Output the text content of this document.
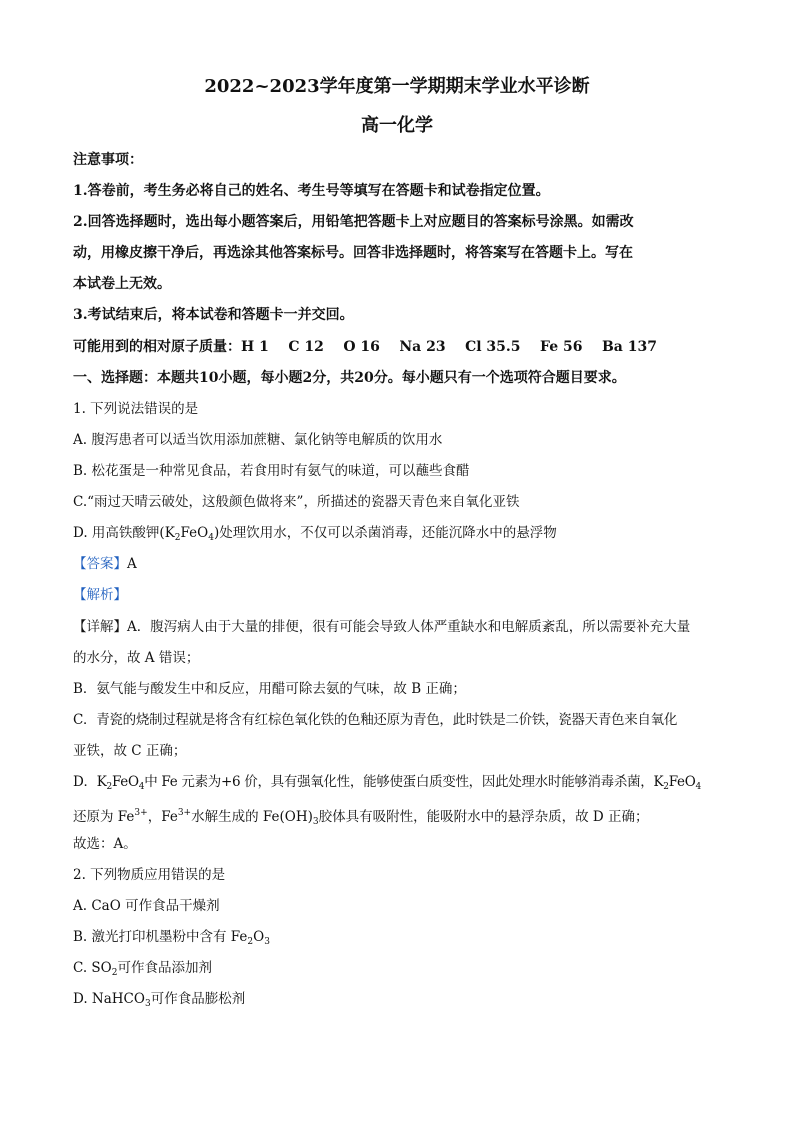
2022~2023学年度第一学期期末学业水平诊断
高一化学
注意事项：
1.答卷前，考生务必将自己的姓名、考生号等填写在答题卡和试卷指定位置。
2.回答选择题时，选出每小题答案后，用铅笔把答题卡上对应题目的答案标号涂黑。如需改
动，用橡皮擦干净后，再选涂其他答案标号。回答非选择题时，将答案写在答题卡上。写在
本试卷上无效。
3.考试结束后，将本试卷和答题卡一并交回。
可能用到的相对原子质量：H 1    C 12    O 16    Na 23    Cl 35.5    Fe 56    Ba 137
一、选择题：本题共10小题，每小题2分，共20分。每小题只有一个选项符合题目要求。
1. 下列说法错误的是
A. 腹泻患者可以适当饮用添加蔗糖、氯化钠等电解质的饮用水
B. 松花蛋是一种常见食品，若食用时有氨气的味道，可以蘸些食醋
C.“雨过天晴云破处，这般颜色做将来”，所描述的瓷器天青色来自氧化亚铁
D. 用高铁酸钾$(K_2FeO_4)$处理饮用水，不仅可以杀菌消毒，还能沉降水中的悬浮物
【答案】A
【解析】
【详解】A．腹泻病人由于大量的排便，很有可能会导致人体严重缺水和电解质紊乱，所以需要补充大量
的水分，故 A 错误；
B．氨气能与酸发生中和反应，用醋可除去氨的气味，故 B 正确；
C．青瓷的烧制过程就是将含有红棕色氧化铁的色釉还原为青色，此时铁是二价铁，瓷器天青色来自氧化
亚铁，故 C 正确；
D．$K_2FeO_4$中 Fe 元素为+6 价，具有强氧化性，能够使蛋白质变性，因此处理水时能够消毒杀菌，$K_2FeO_4$
还原为 $Fe^{3+}$，$Fe^{3+}$水解生成的 $Fe(OH)_3$胶体具有吸附性，能吸附水中的悬浮杂质，故 D 正确；
故选：A。
2. 下列物质应用错误的是
A. CaO 可作食品干燥剂
B. 激光打印机墨粉中含有 $Fe_2O_3$
C. $SO_2$可作食品添加剂
D. NaHCO$_3$可作食品膨松剂
